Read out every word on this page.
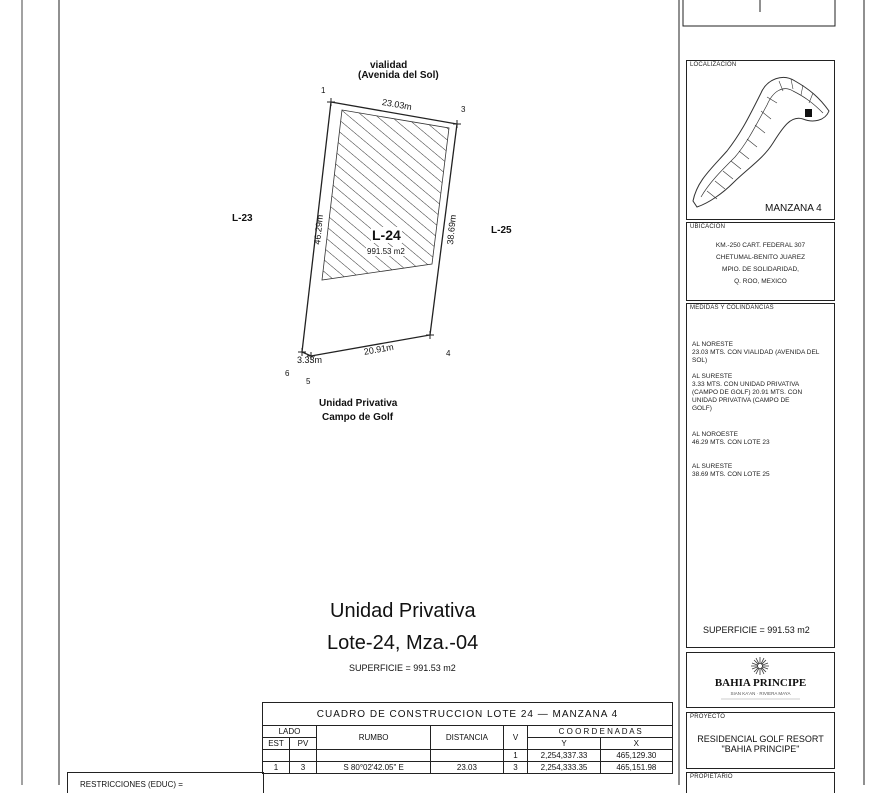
vialidad
(Avenida del Sol)
1
3
4
5
6
23.03m
46.29m	38.69m
20.91m
3.33m
L-23
L-25
L-24
991.53 m2
Unidad Privativa
Campo de Golf
Unidad Privativa
Lote-24, Mza.-04
SUPERFICIE = 991.53 m2
CUADRO DE CONSTRUCCION LOTE 24 — MANZANA 4						
LADO		RUMBO	DISTANCIA	V	C O O R D E N A D A S	
EST	PV				Y	X
				1	2,254,337.33	465,129.30
1	3	S 80°02'42.05" E	23.03	3	2,254,333.35	465,151.98
RESTRICCIONES (EDUC) =
LOCALIZACION
MANZANA 4
UBICACION
KM.-250 CART. FEDERAL 307
CHETUMAL-BENITO JUAREZ
MPIO. DE SOLIDARIDAD,
Q. ROO, MEXICO
MEDIDAS Y COLINDANCIAS
AL NORESTE
23.03 MTS. CON VIALIDAD (AVENIDA DEL SOL)
AL SURESTE
3.33 MTS. CON UNIDAD PRIVATIVA (CAMPO DE GOLF) 20.91 MTS. CON UNIDAD PRIVATIVA (CAMPO DE GOLF)
AL NOROESTE
46.29 MTS. CON LOTE 23
AL SURESTE
38.69 MTS. CON LOTE 25
SUPERFICIE = 991.53 m2
BAHIA PRINCIPE
SIAN KA'AN · RIVIERA MAYA
PROYECTO
RESIDENCIAL GOLF RESORT
"BAHIA PRINCIPE"
PROPIETARIO
